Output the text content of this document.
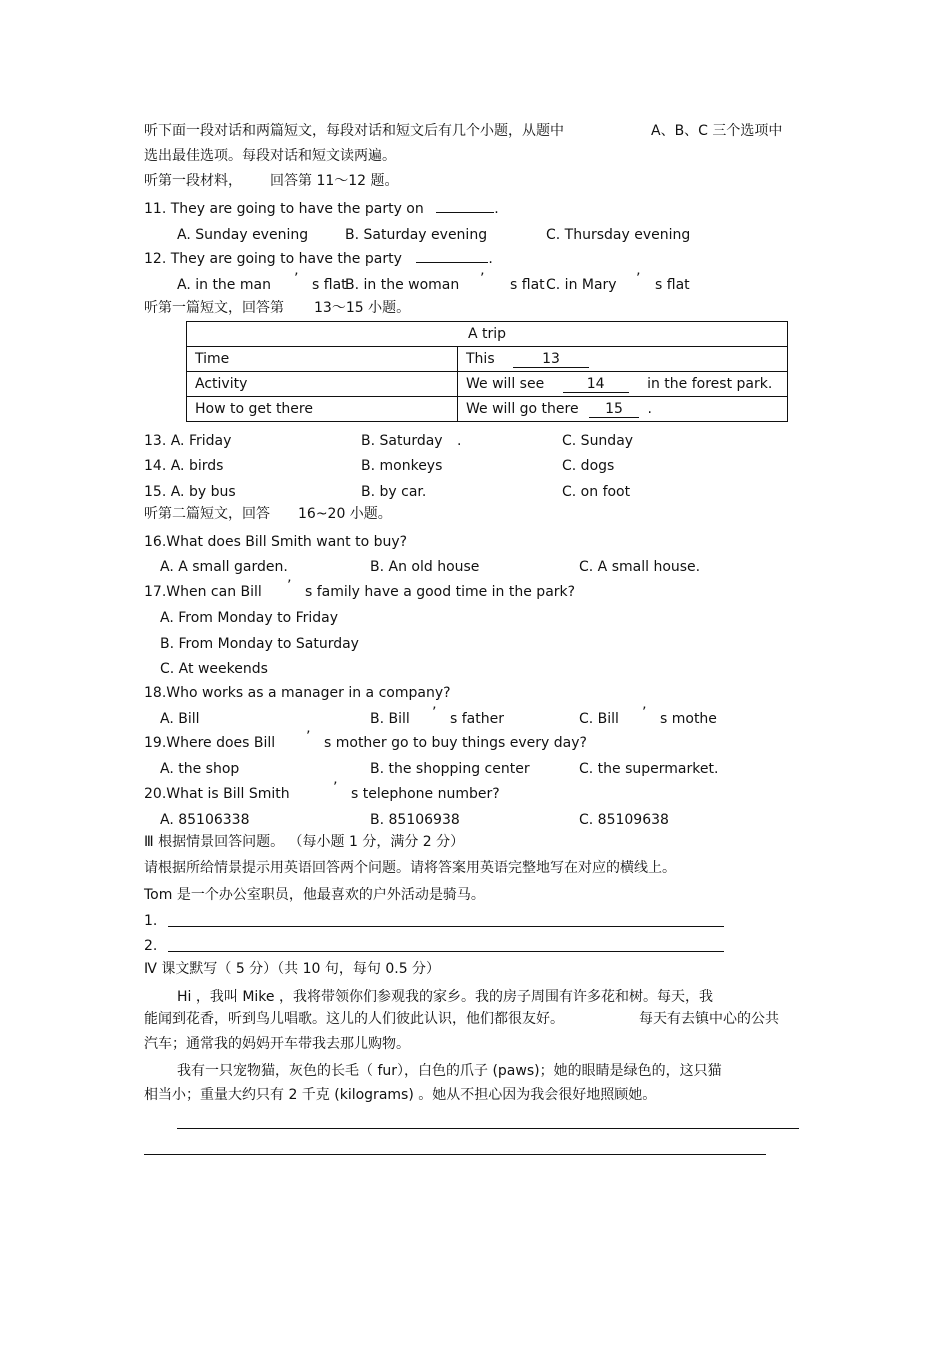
听下面一段对话和两篇短文，每段对话和短文后有几个小题，从题中	A、B、C 三个选项中
选出最佳选项。每段对话和短文读两遍。
听第一段材料， 回答第 11～12 题。
11. They are going to have the party on	.
A. Sunday evening	B. Saturday evening	C. Thursday evening
12. They are going to have the party	.
A. in the man ’ s flat
B. in the woman ’ s flat C. in Mary ’ s flat
听第一篇短文，回答第 13～15 小题。
A trip	
Time	This 13
Activity	We will see 14 in the forest park.
How to get there	We will go there 15 .
13. A. Friday	B. Saturday .	C. Sunday
14. A. birds	B. monkeys	C. dogs
15. A. by bus	B. by car.	C. on foot
听第二篇短文，回答 16~20 小题。
16.What does Bill Smith want to buy?
A. A small garden.	B. An old house	C. A small house.
17.When can Bill ’ s family have a good time in the park?
A. From Monday to Friday
B. From Monday to Saturday
C. At weekends
18.Who works as a manager in a company?
A. Bill	B. Bill ’ s father	C. Bill ’ s mothe
19.Where does Bill ’ s mother go to buy things every day?
A. the shop	B. the shopping center	C. the supermarket.
20.What is Bill Smith	’ s telephone number?
A. 85106338	B. 85106938	C. 85109638
Ⅲ 根据情景回答问题。 （每小题 1 分，满分 2 分）
请根据所给情景提示用英语回答两个问题。请将答案用英语完整地写在对应的横线上。
Tom 是一个办公室职员，他最喜欢的户外活动是骑马。
1.
2.
Ⅳ 课文默写（ 5 分）（共 10 句，每句 0.5 分）
Hi ，我叫 Mike ，我将带领你们参观我的家乡。我的房子周围有许多花和树。每天，我
能闻到花香，听到鸟儿唱歌。这儿的人们彼此认识，他们都很友好。	每天有去镇中心的公共
汽车；通常我的妈妈开车带我去那儿购物。
我有一只宠物猫，灰色的长毛（ fur），白色的爪子 (paws)；她的眼睛是绿色的，这只猫
相当小；重量大约只有 2 千克 (kilograms) 。她从不担心因为我会很好地照顾她。
